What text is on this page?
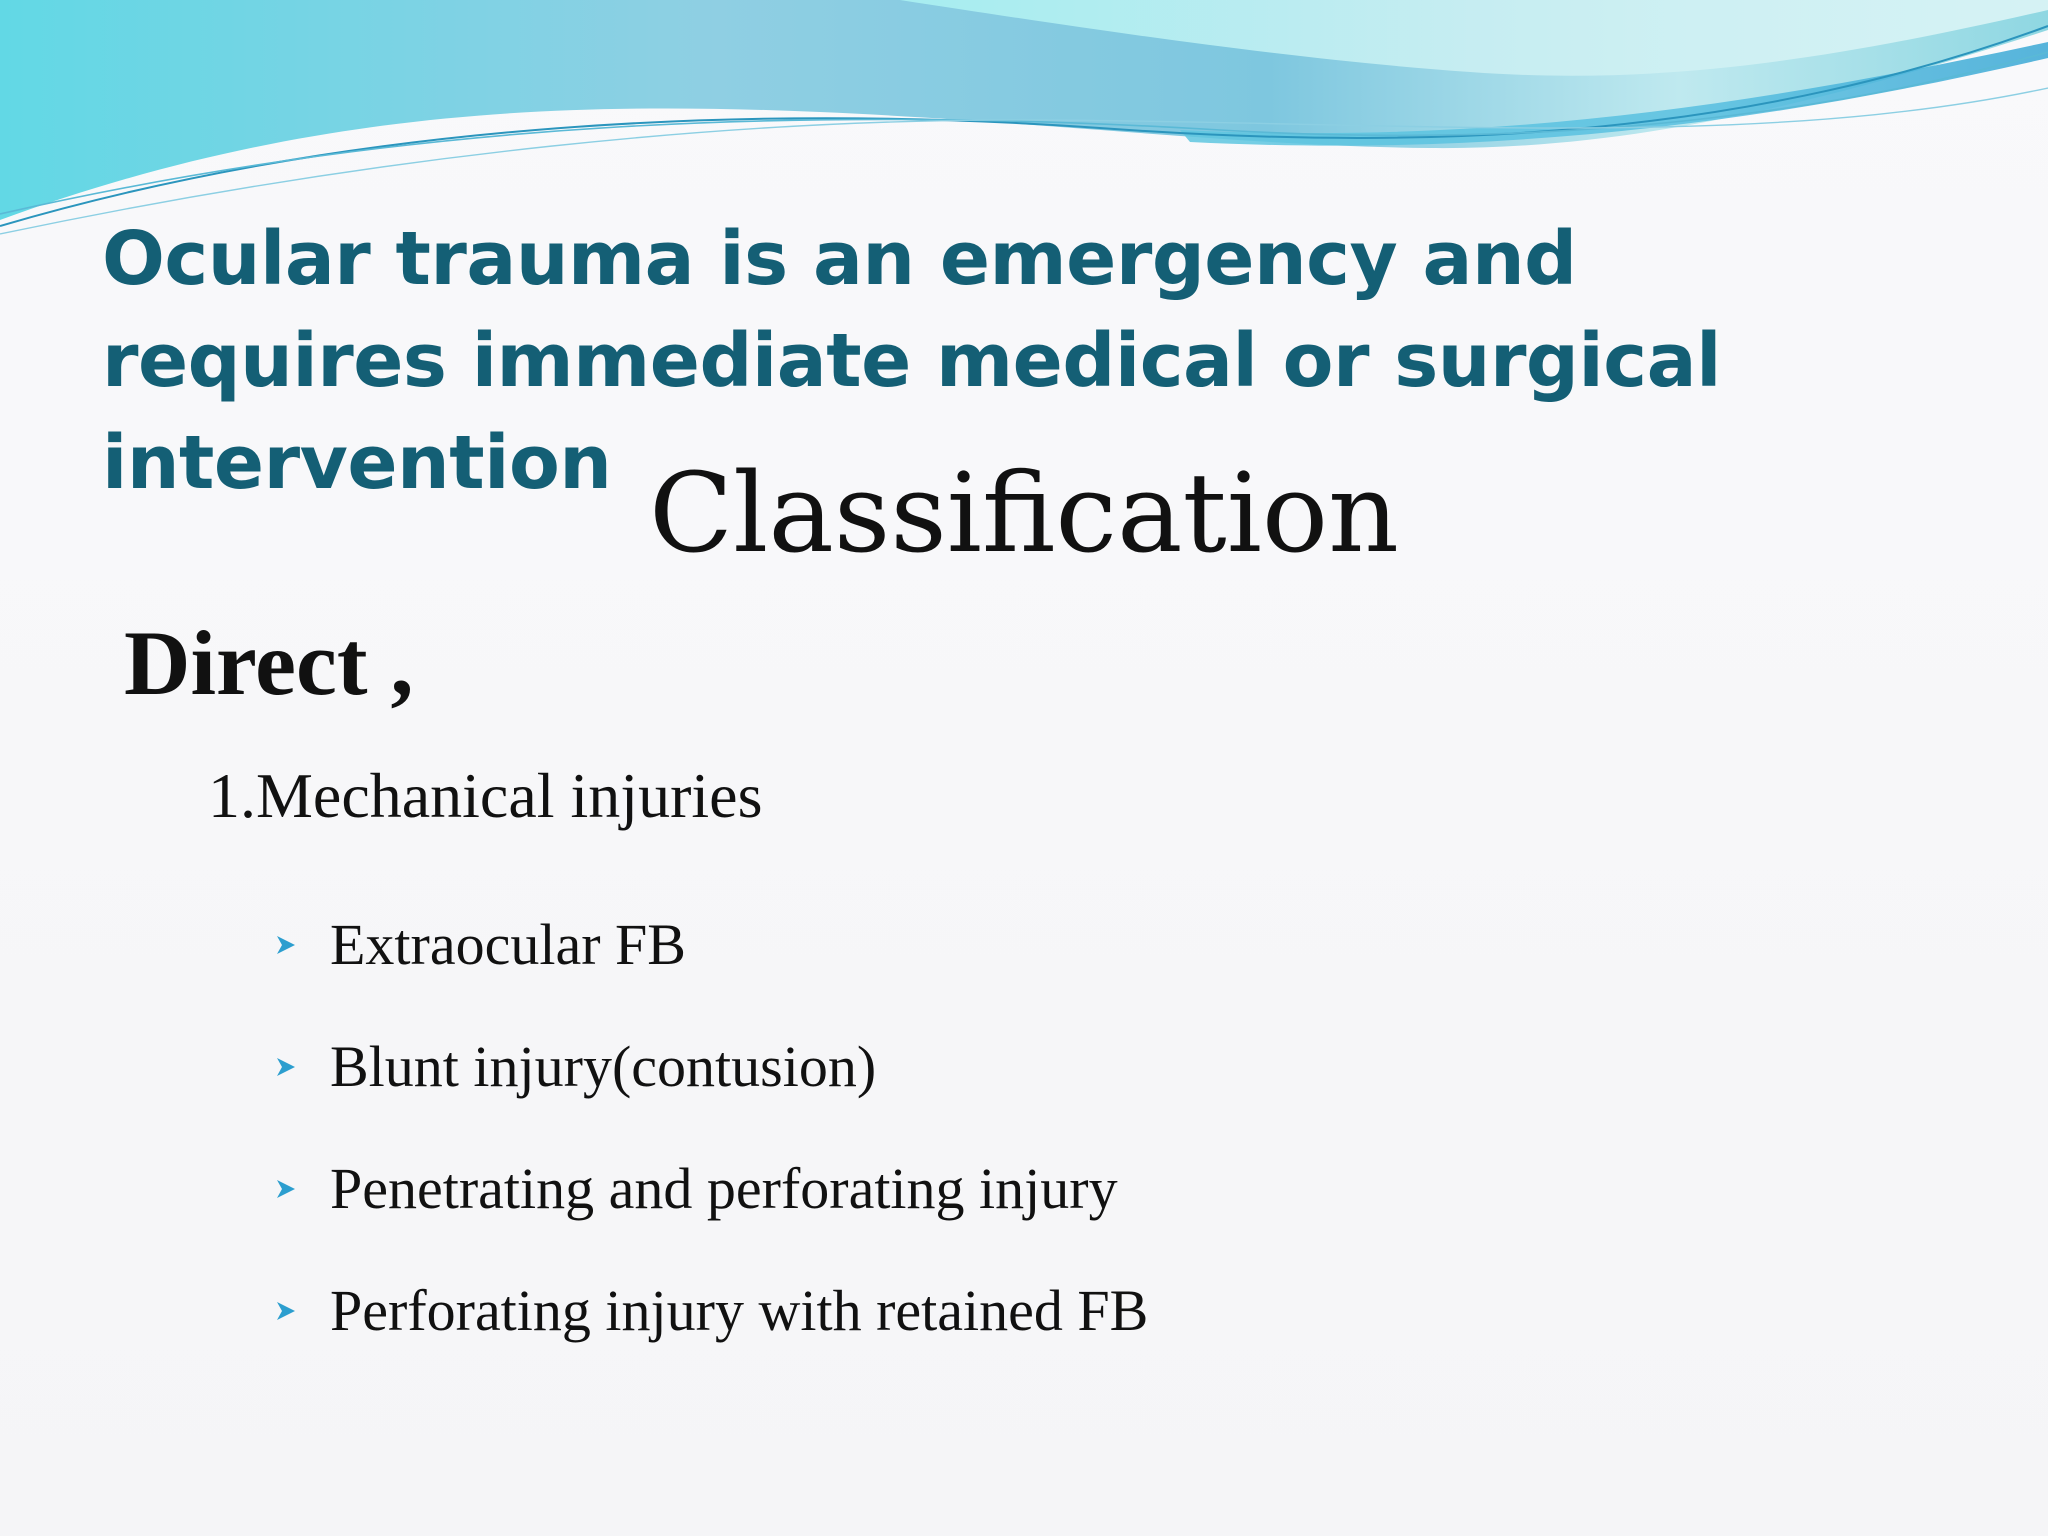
Ocular trauma is an emergency and requires immediate medical or surgical intervention Classification
Direct ,
1.Mechanical injuries
Extraocular FB
Blunt injury(contusion)
Penetrating and perforating injury
Perforating injury with retained FB
